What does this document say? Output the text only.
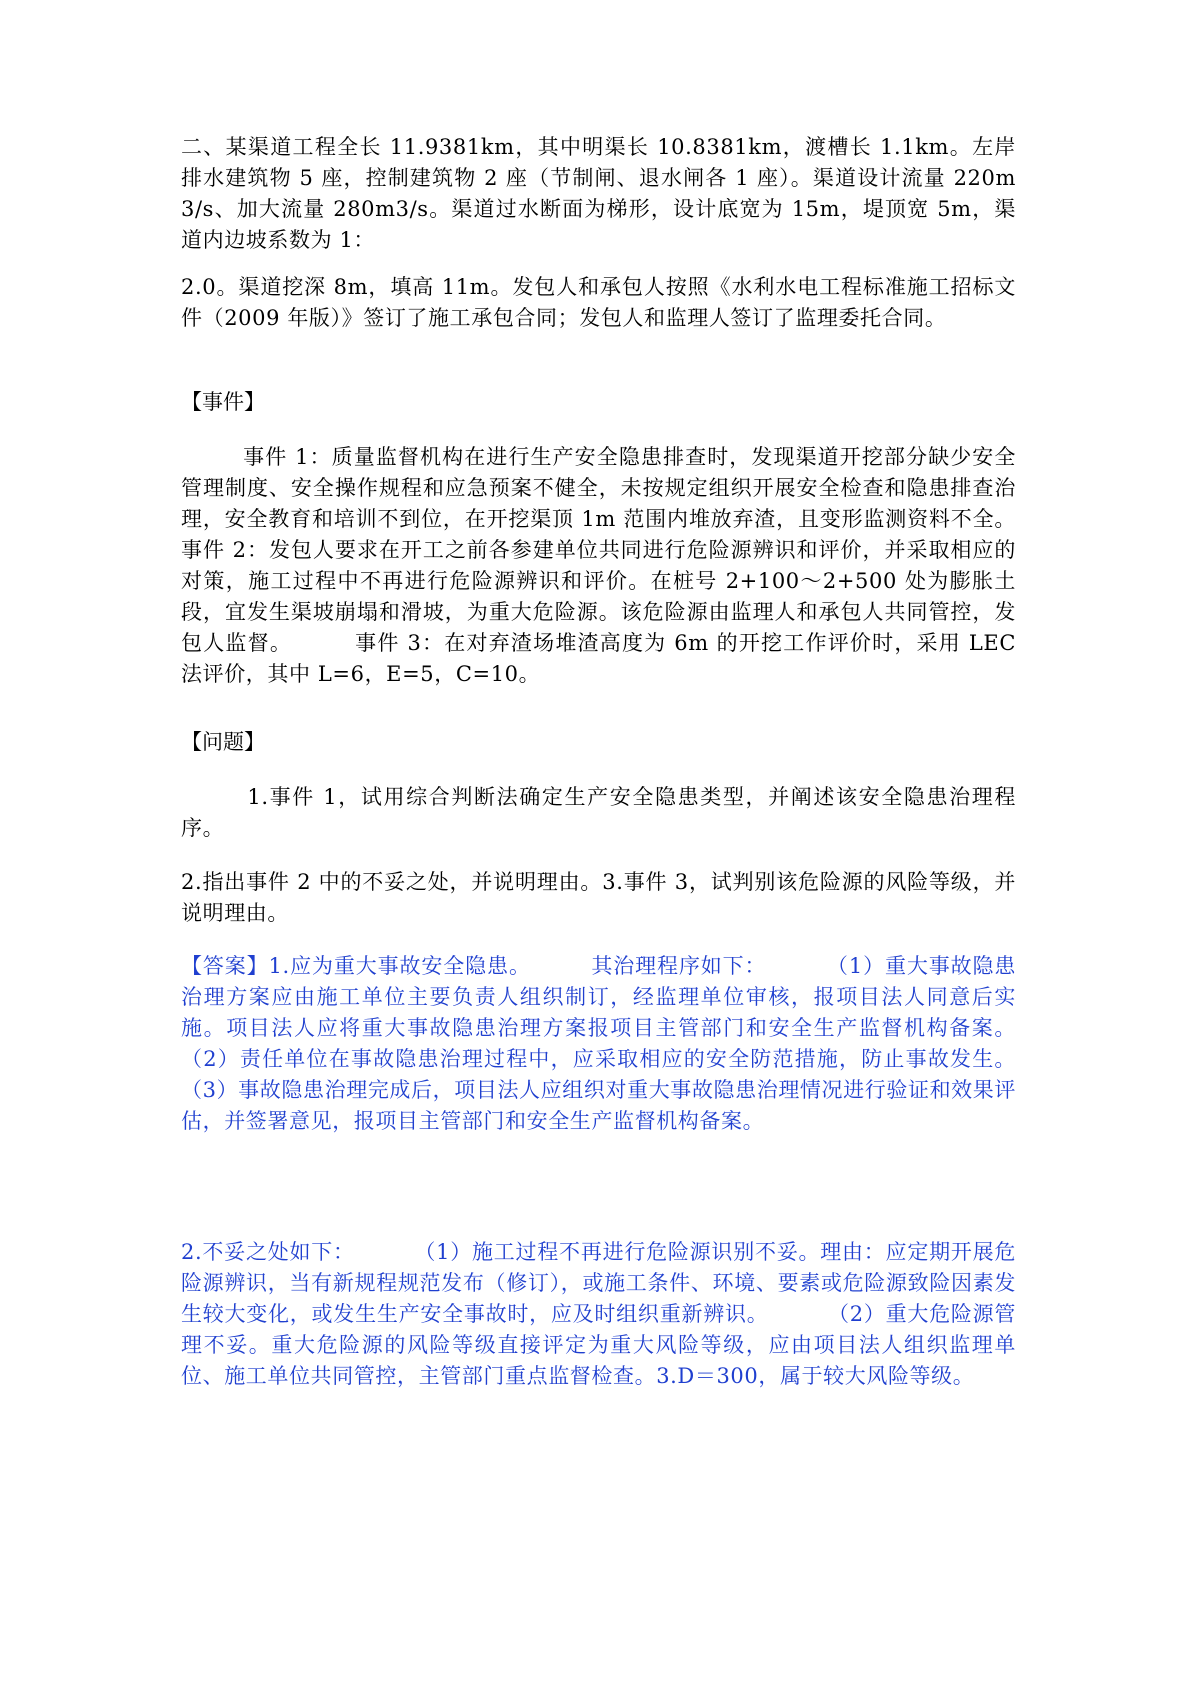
二、某渠道工程全长 11.9381km，其中明渠长 10.8381km，渡槽长 1.1km。左岸排水建筑物 5 座，控制建筑物 2 座（节制闸、退水闸各 1 座）。渠道设计流量 220m3/s、加大流量 280m3/s。渠道过水断面为梯形，设计底宽为 15m，堤顶宽 5m，渠道内边坡系数为 1：

2.0。渠道挖深 8m，填高 11m。发包人和承包人按照《水利水电工程标准施工招标文件（2009 年版）》签订了施工承包合同；发包人和监理人签订了监理委托合同。

【事件】

事件 1：质量监督机构在进行生产安全隐患排查时，发现渠道开挖部分缺少安全管理制度、安全操作规程和应急预案不健全，未按规定组织开展安全检查和隐患排查治理，安全教育和培训不到位，在开挖渠顶 1m 范围内堆放弃渣，且变形监测资料不全。        事件 2：发包人要求在开工之前各参建单位共同进行危险源辨识和评价，并采取相应的对策，施工过程中不再进行危险源辨识和评价。在桩号 2+100～2+500 处为膨胀土段，宜发生渠坡崩塌和滑坡，为重大危险源。该危险源由监理人和承包人共同管控，发包人监督。        事件 3：在对弃渣场堆渣高度为 6m 的开挖工作评价时，采用 LEC 法评价，其中 L=6，E=5，C=10。

【问题】

1.事件 1，试用综合判断法确定生产安全隐患类型，并阐述该安全隐患治理程序。

2.指出事件 2 中的不妥之处，并说明理由。3.事件 3，试判别该危险源的风险等级，并说明理由。

【答案】1.应为重大事故安全隐患。        其治理程序如下：        （1）重大事故隐患治理方案应由施工单位主要负责人组织制订，经监理单位审核，报项目法人同意后实施。项目法人应将重大事故隐患治理方案报项目主管部门和安全生产监督机构备案。        （2）责任单位在事故隐患治理过程中，应采取相应的安全防范措施，防止事故发生。        （3）事故隐患治理完成后，项目法人应组织对重大事故隐患治理情况进行验证和效果评估，并签署意见，报项目主管部门和安全生产监督机构备案。

2.不妥之处如下：        （1）施工过程不再进行危险源识别不妥。理由：应定期开展危险源辨识，当有新规程规范发布（修订），或施工条件、环境、要素或危险源致险因素发生较大变化，或发生生产安全事故时，应及时组织重新辨识。        （2）重大危险源管理不妥。重大危险源的风险等级直接评定为重大风险等级，应由项目法人组织监理单位、施工单位共同管控，主管部门重点监督检查。3.D＝300，属于较大风险等级。
